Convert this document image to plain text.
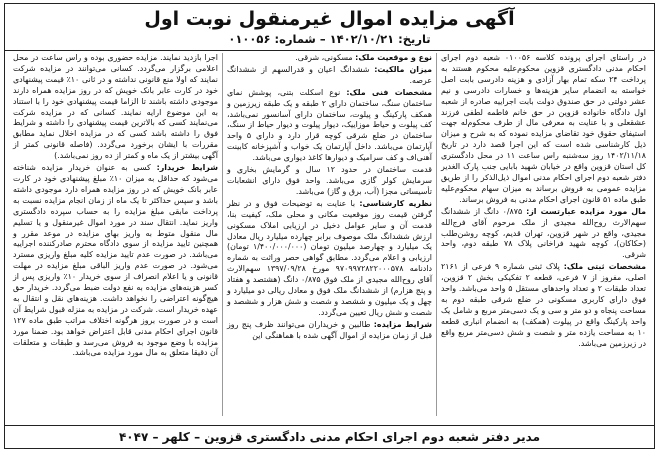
آگهی مزایده اموال غیرمنقول نوبت اول
تاریخ: ۱۴۰۲/۱۰/۲۱ – شماره: ۰۱۰۰۵۶

در راستای اجرای پرونده کلاسه ۰۱۰۰۵۶ شعبه دوم اجرای احکام مدنی دادگستری قزوین محکوم‌علیه محکوم هستند به پرداخت ۲۴ سکه تمام بهار آزادی و هزینه دادرسی بابت اصل خواسته به انضمام سایر هزینه‌ها و خسارات دادرسی و نیم عشر دولتی در حق صندوق دولت بابت اجراییه صادره از شعبه اول دادگاه خانواده قزوین در حق خانم فاطمه لطفی فرزند عشقعلی و با عنایت به معرفی مال از طرف محکوم‌له جهت استیفای حقوق خود تقاضای مزایده نموده که به شرح و میزان ذیل کارشناسی شده است که این اجرا قصد دارد در تاریخ ۱۴۰۲/۱۱/۱۸ روز سه‌شنبه راس ساعت ۱۱ در محل دادگستری کل استان قزوین واقع در خیابان شهید بابایی جنب پارک الغدیر دفتر شعبه دوم اجرای احکام مدنی اموال ذیل‌الذکر را از طریق مزایده عمومی به فروش برساند به میزان سهام محکوم‌علیه طبق ماده ۵۱ قانون اجرای احکام مدنی به فروش برساند.

مال مورد مزایده عبارتست از: ۰/۸۷۵ دانگ از ششدانگ سهم‌الارث روح‌الله مجیدی از ملک مرحوم آقای فرج‌الله مجیدی، واقع در شهر قزوین، تهران قدیم، کوچه روشن‌طلب (حکاکان)، کوچه شهید فراخانی پلاک ۷۸ طبقه دوم، واحد شرقی.

مشخصات ثبتی ملک: پلاک ثبتی شماره ۹ فرعی از ۲۱۶۱ اصلی، مفروز از ۷ فرعی، قطعه ۲ تفکیکی بخش ۲ قزوین، تعداد طبقات ۲ و تعداد واحدهای مستقل ۵ واحد می‌باشد. واحد فوق دارای کاربری مسکونی در ضلع شرقی طبقه دوم به مساحت پنجاه و دو متر و سی و یک دسی‌متر مربع و شامل یک واحد پارکینگ واقع در پیلوت (همکف) به انضمام انباری قطعه ۱۰ به مساحت یازده متر و شصت و شش دسی‌متر مربع واقع در زیرزمین می‌باشد.

نوع و موقعیت ملک: مسکونی، شرقی.

میزان مالکیت: ششدانگ اعیان و قدرالسهم از ششدانگ عرصه.

مشخصات فنی ملک: نوع اسکلت بتنی، پوشش نمای ساختمان سنگ، ساختمان دارای ۲ طبقه و یک طبقه زیرزمین و همکف پارکینگ و پیلوت، ساختمان دارای آسانسور نمی‌باشد، کف پیلوت و حیاط موزاییک، دیوار پیلوت و دیوار حیاط از سنگ، ساختمان در ضلع شرقی کوچه قرار دارد و دارای ۵ واحد آپارتمان می‌باشد. داخل آپارتمان یک خواب و آشپزخانه کابینت آهنی‌اف و کف سرامیک و دیوارها کاغذ دیواری می‌باشد.

قدمت ساختمان در حدود ۱۲ سال و گرمایش بخاری و سرمایش کولر گازی می‌باشد. واحد فوق دارای انشعابات تأسیساتی مجزا (آب، برق و گاز) می‌باشد.

نظریه کارشناسی: با عنایت به توضیحات فوق و در نظر گرفتن قیمت روز موقعیت مکانی و محلی ملک، کیفیت بنا، قدمت آن و سایر عوامل دخیل در ارزیابی املاک مسکونی ارزش ششدانگ ملک موصوف برابر چهارده میلیارد ریال معادل یک میلیارد و چهارصد میلیون تومان (۱/۴۰۰/۰۰۰/۰۰۰ تومان) ارزیابی و اعلام می‌گردد. مطابق گواهی حصر وراثت به شماره دادنامه ۹۷۰۹۹۷۲۸۲۲۰۰۰۵۷۸ مورخ ۱۳۹۷/۰۹/۲۸ سهم‌الارث آقای روح‌الله مجیدی از ملک فوق ۰/۸۷۵ دانگ (هشتصد و هفتاد و پنج هزارم) از ششدانگ ملک فوق و معادل ریالی دو میلیارد و چهل و یک میلیون و ششصد و شصت و شش هزار و ششصد و شصت و شش ریال تعیین می‌گردد.

شرایط مزایده: طالبین و خریداران می‌توانند ظرف پنج روز قبل از زمان مزایده از اموال آگهی شده با هماهنگی این

اجرا بازدید نمایند. مزایده حضوری بوده و راس ساعت در محل اعلامی برگزار می‌گردد. کسانی می‌توانند در مزایده شرکت نمایند که اولا منع قانونی نداشته و در ثانی ۱۰٪ قیمت پیشنهادی خود در کارت عابر بانک خویش که در روز مزایده همراه دارند موجودی داشته باشند تا الزاما قیمت پیشنهادی خود را با استناد به این موضوع ارایه نمایند. کسانی که در مزایده شرکت می‌نمایند کسی که بالاترین قیمت پیشنهادی را داشته و شرایط فوق را داشته باشد کسی که در مزایده اخلال نماید مطابق مقررات با ایشان برخورد می‌گردد. (فاصله قانونی کمتر از آگهی بیشتر از یک ماه و کمتر از ده روز نمی‌باشد.)

شرایط خریدار: کسی به عنوان خریدار مزایده شناخته می‌شود که حداقل به میزان ۱۰٪ مبلغ پیشنهادی خود در کارت عابر بانک خویش که در روز مزایده همراه دارد موجودی داشته باشد و سپس حداکثر تا یک ماه از زمان انجام مزایده نسبت به پرداخت مابقی مبلغ مزایده را به حساب سپرده دادگستری واریز نماید. انتقال سند در مورد اموال غیرمنقول و یا تسلیم مال منقول متوط به واریز بهای مزایده در موعد مقرر و همچنین تایید مزایده از سوی دادگاه محترم صادرکننده اجراییه می‌باشد. در صورت عدم تایید مزایده کلیه مبلغ واریزی مسترد می‌شود. در صورت عدم واریز الباقی مبلغ مزایده در مهلت قانونی و یا اعلام انصراف از سوی خریدار ۱۰٪ واریزی پس از کسر هزینه‌های مزایده به نفع دولت ضبط می‌گردد. خریدار حق هیچ‌گونه اعتراضی را نخواهد داشت. هزینه‌های نقل و انتقال به عهده خریدار است. شرکت در مزایده به منزله قبول شرایط آن است و در صورت بروز هرگونه اختلاف مراتب طبق ماده ۱۲۷ قانون اجرای احکام مدنی قابل اعتراض خواهد بود. ضمنا مورد مزایده با وضع موجود به فروش می‌رسد و طبقات و متعلقات آن دقیقا متعلق به مال مورد مزایده می‌باشد.

مدیر دفتر شعبه دوم اجرای احکام مدنی دادگستری قزوین – کلهر – ۴۰۴۷
